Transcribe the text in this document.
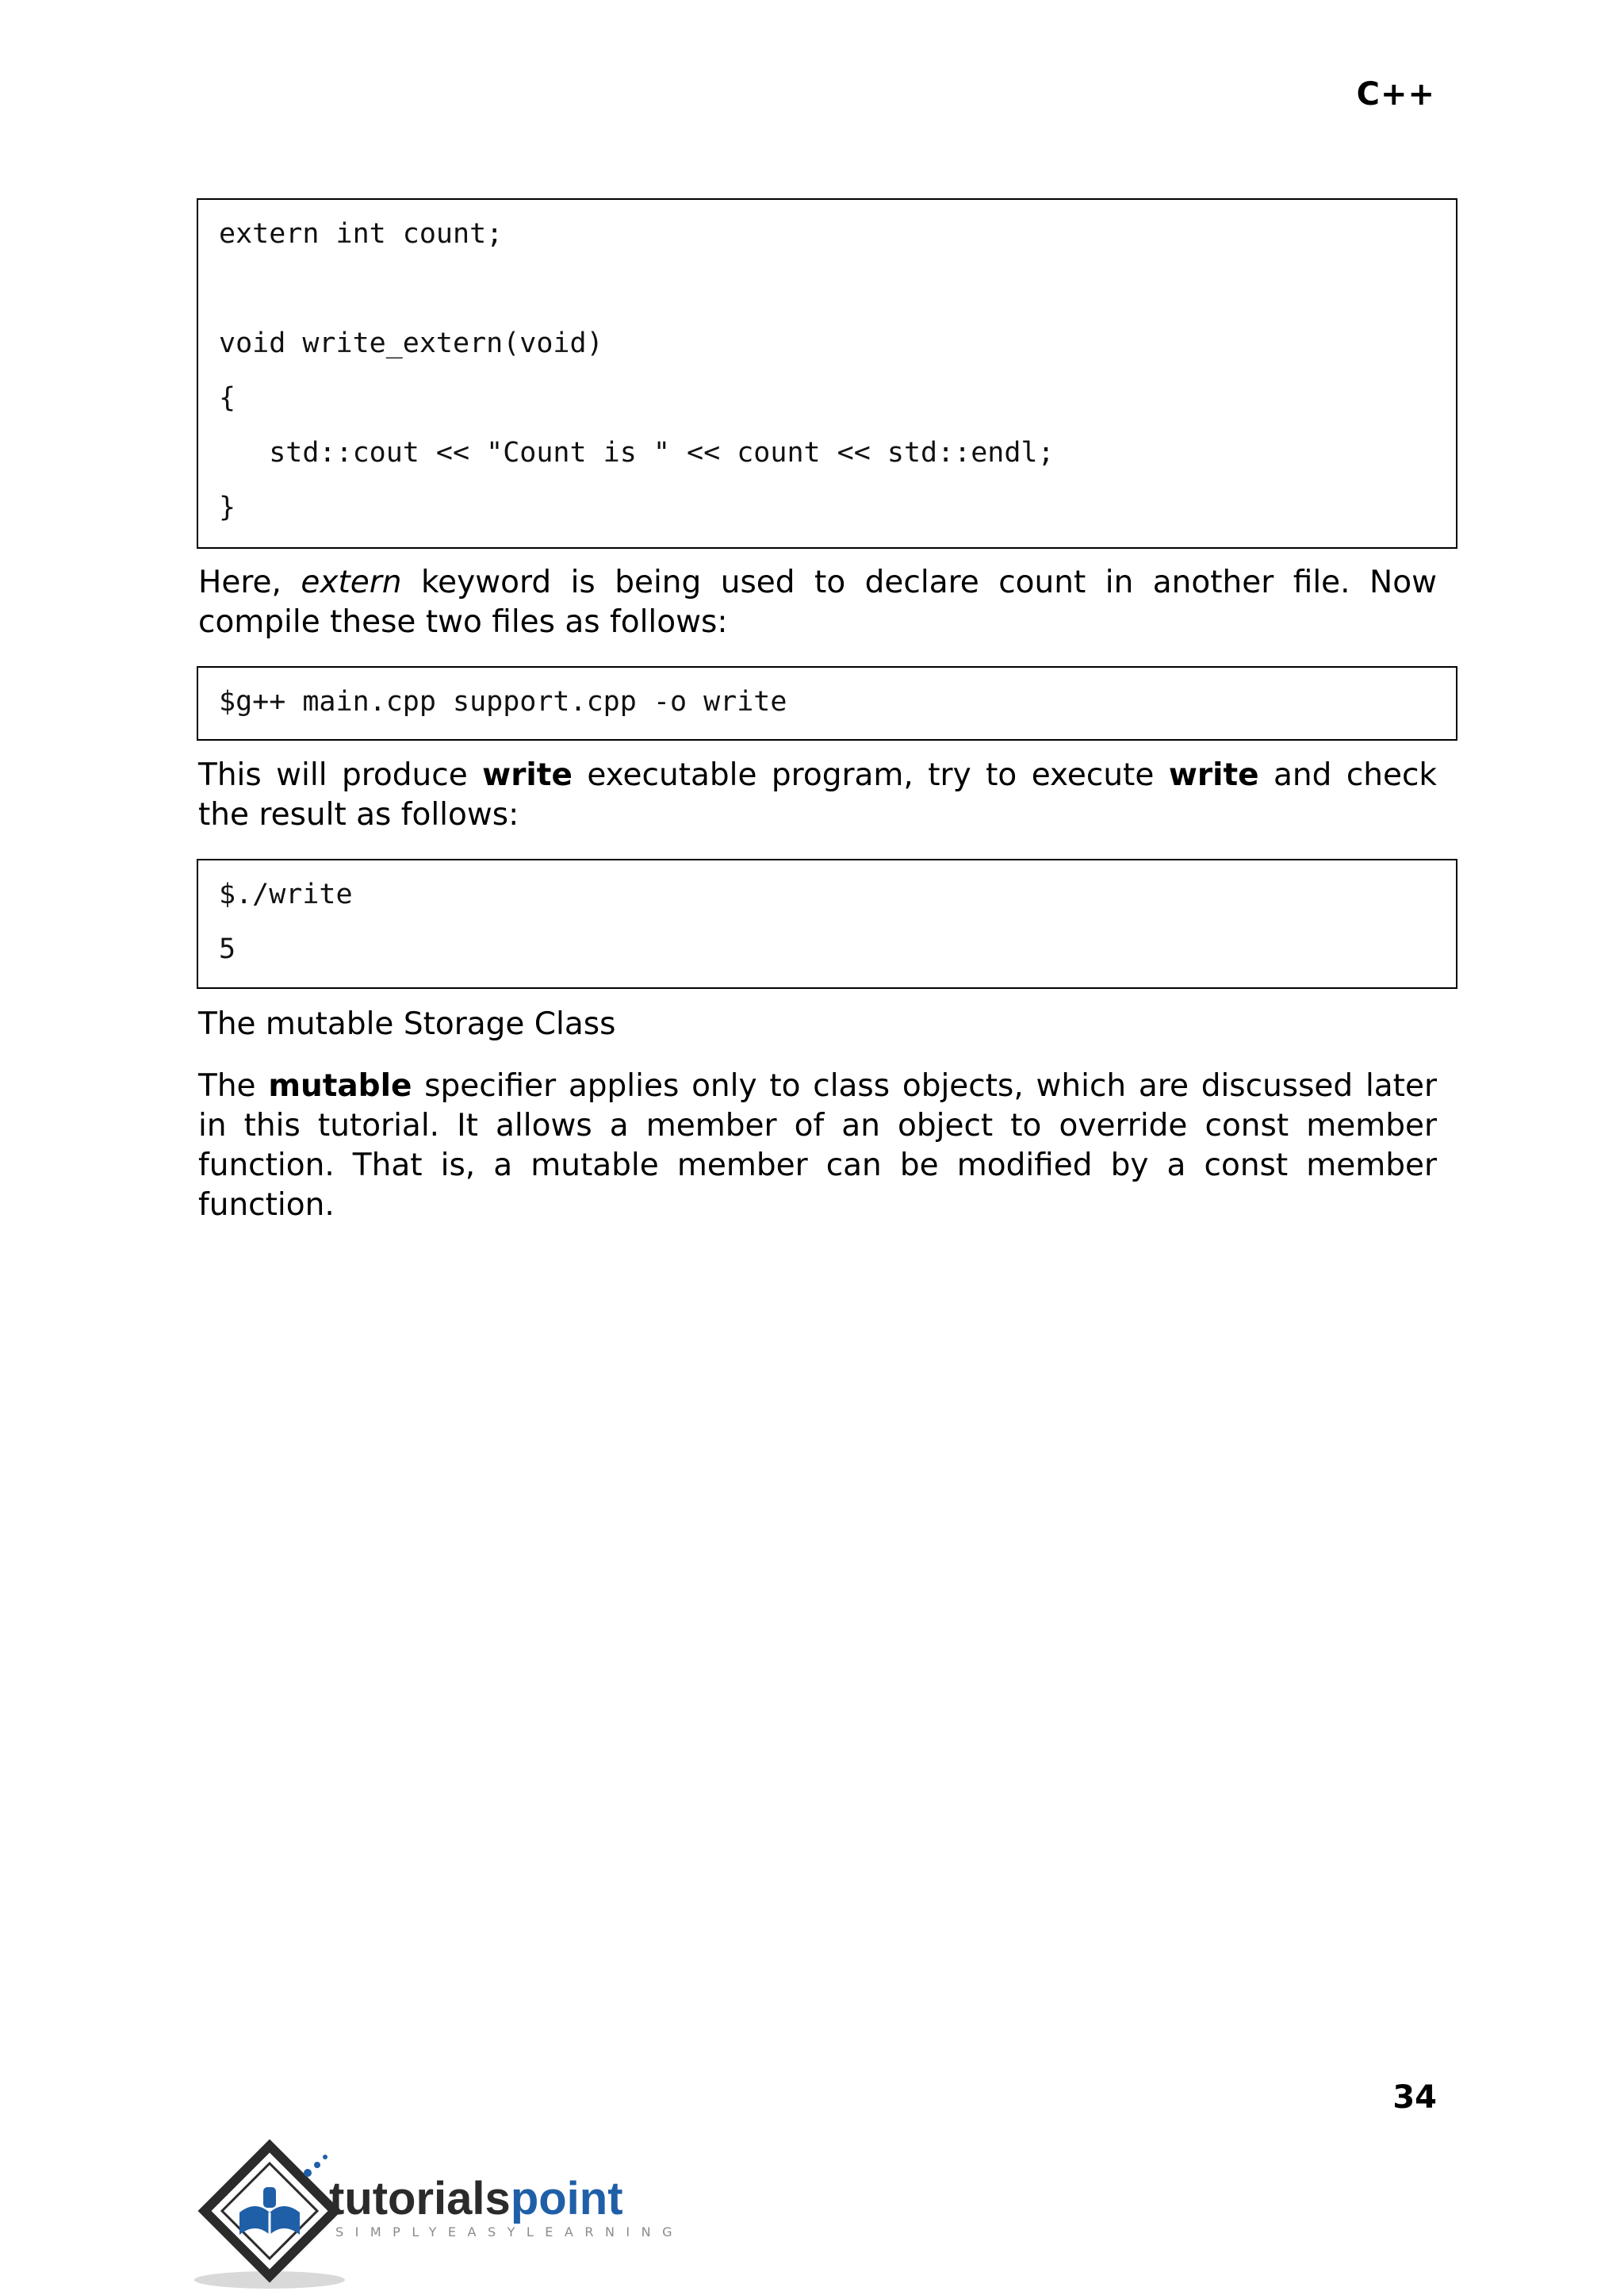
C++
extern int count;
void write_extern(void)
{
std::cout << "Count is " << count << std::endl;
}
Here, extern keyword is being used to declare count in another file. Now compile these two files as follows:
$g++ main.cpp support.cpp -o write
This will produce write executable program, try to execute write and check the result as follows:
$./write
5
The mutable Storage Class
The mutable specifier applies only to class objects, which are discussed later in this tutorial. It allows a member of an object to override const member function. That is, a mutable member can be modified by a const member function.
34
tutorialspoint
SIMPLYEASYLEARNING
